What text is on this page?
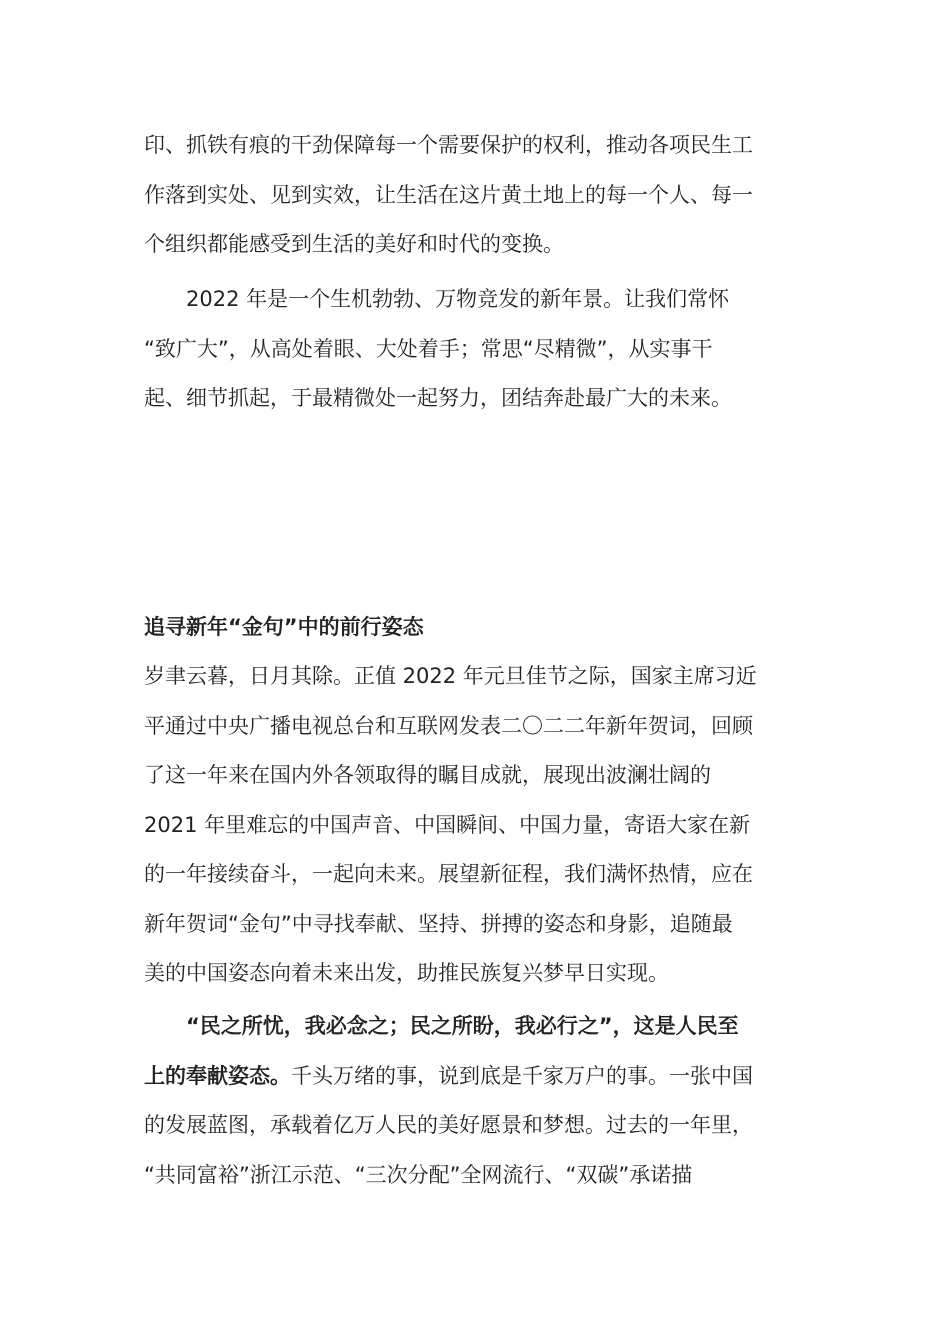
印、抓铁有痕的干劲保障每一个需要保护的权利，推动各项民生工
作落到实处、见到实效，让生活在这片黄土地上的每一个人、每一
个组织都能感受到生活的美好和时代的变换。
2022 年是一个生机勃勃、万物竞发的新年景。让我们常怀
“致广大”，从高处着眼、大处着手；常思“尽精微”，从实事干
起、细节抓起，于最精微处一起努力，团结奔赴最广大的未来。
追寻新年“金句”中的前行姿态
岁聿云暮，日月其除。正值 2022 年元旦佳节之际，国家主席习近
平通过中央广播电视总台和互联网发表二〇二二年新年贺词，回顾
了这一年来在国内外各领取得的瞩目成就，展现出波澜壮阔的
2021 年里难忘的中国声音、中国瞬间、中国力量，寄语大家在新
的一年接续奋斗，一起向未来。展望新征程，我们满怀热情，应在
新年贺词“金句”中寻找奉献、坚持、拼搏的姿态和身影，追随最
美的中国姿态向着未来出发，助推民族复兴梦早日实现。
“民之所忧，我必念之；民之所盼，我必行之”，这是人民至
上的奉献姿态。千头万绪的事，说到底是千家万户的事。一张中国
的发展蓝图，承载着亿万人民的美好愿景和梦想。过去的一年里，
“共同富裕”浙江示范、“三次分配”全网流行、“双碳”承诺描
